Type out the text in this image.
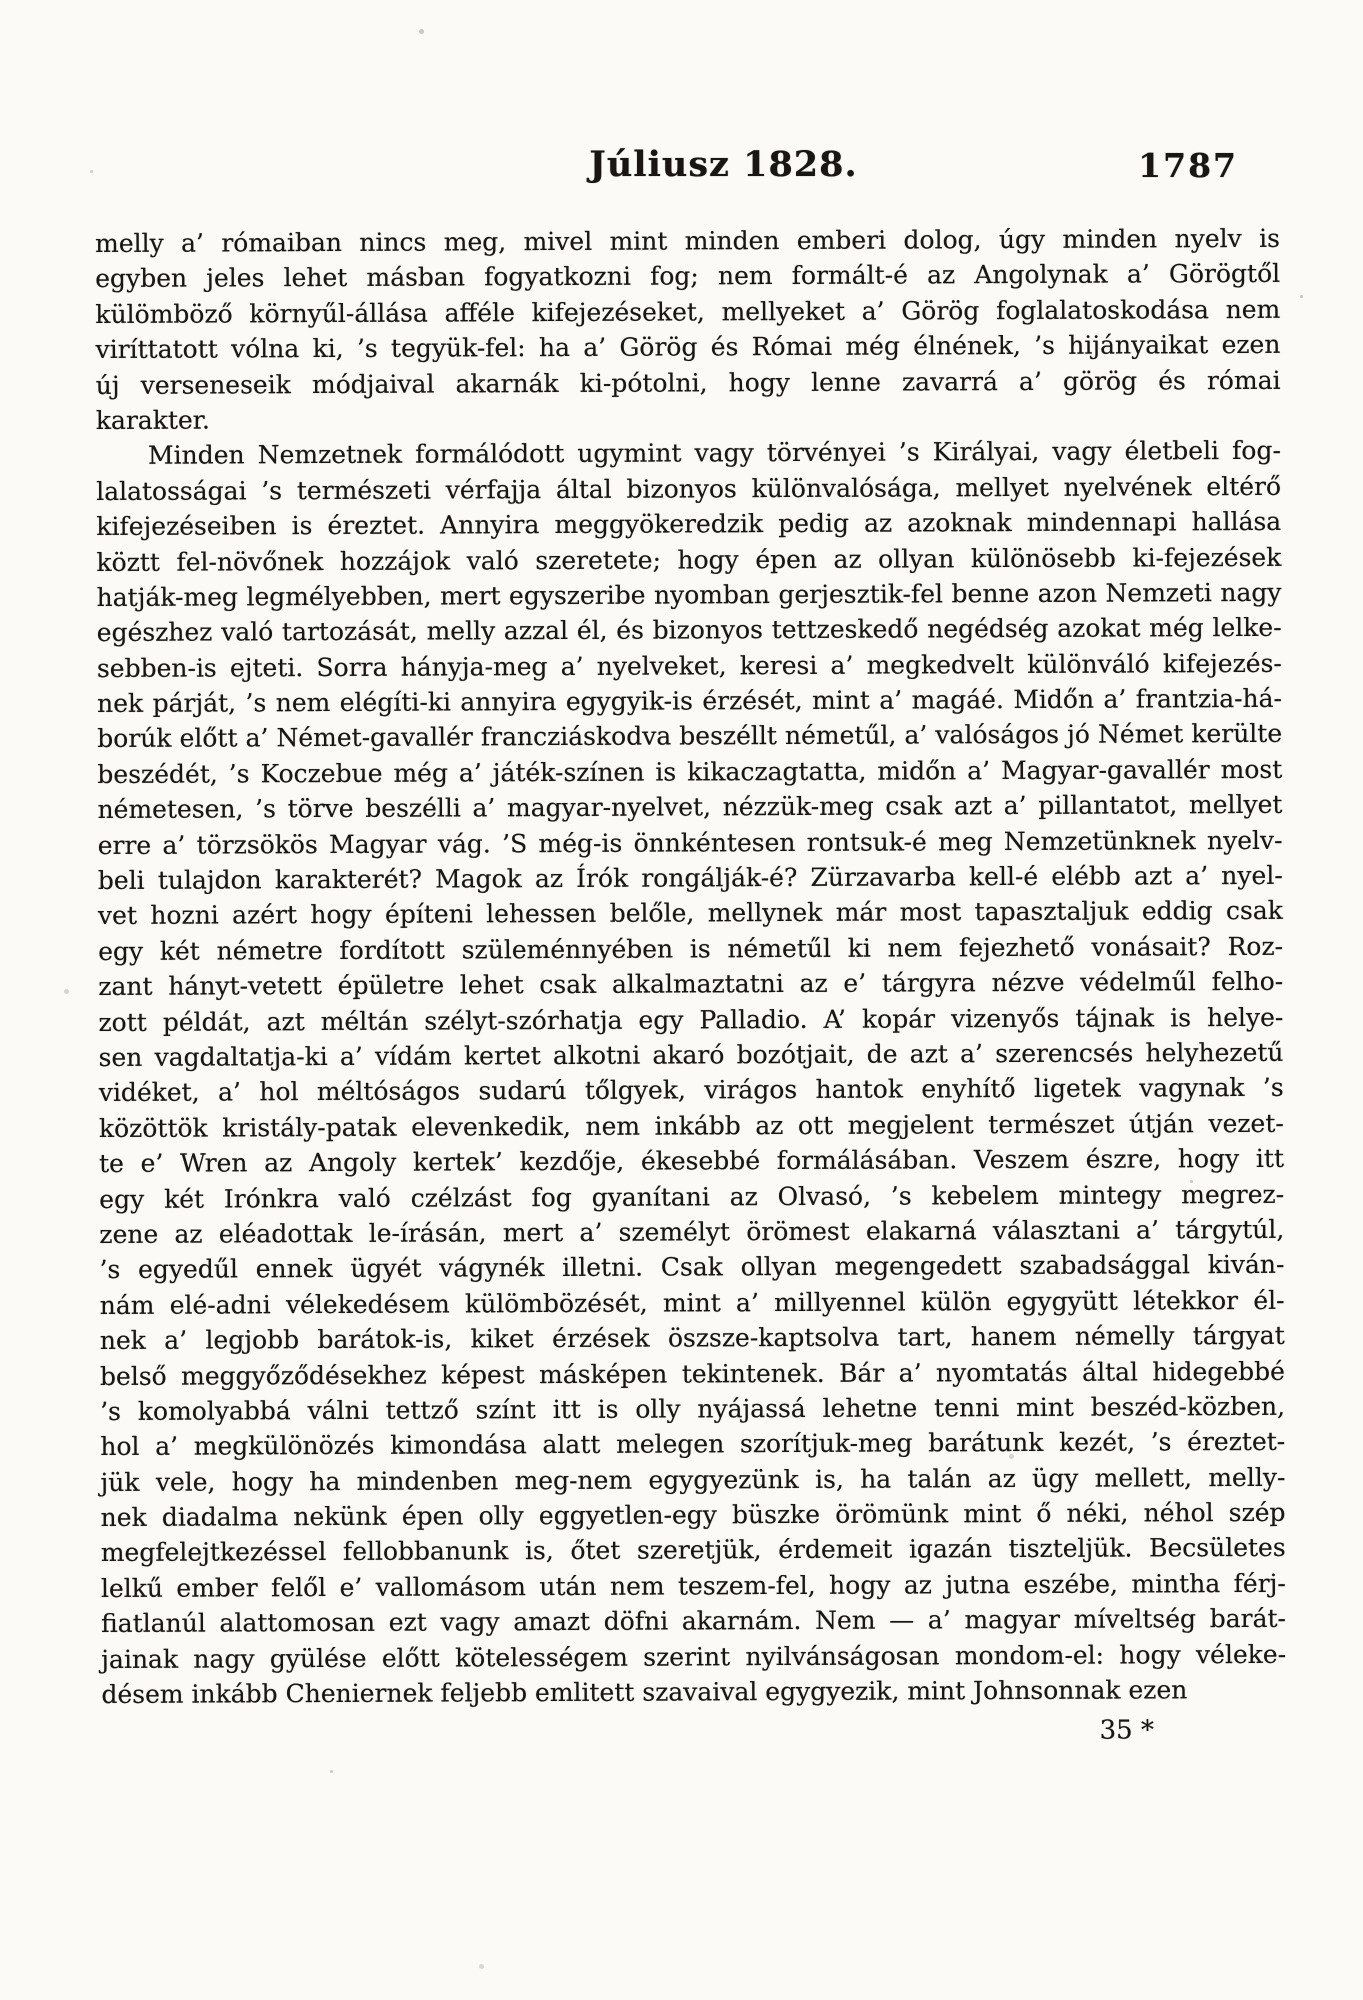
Júliusz 1828.	1787
melly a’ rómaiban nincs meg, mivel mint minden emberi dolog, úgy minden nyelv is
egyben jeles lehet másban fogyatkozni fog; nem formált-é az Angolynak a’ Görögtől
külömböző környűl-állása afféle kifejezéseket, mellyeket a’ Görög foglalatoskodása nem
viríttatott vólna ki, ’s tegyük-fel: ha a’ Görög és Római még élnének, ’s hijányaikat ezen
új verseneseik módjaival akarnák ki-pótolni, hogy lenne zavarrá a’ görög és római
karakter.
Minden Nemzetnek formálódott ugymint vagy törvényei ’s Királyai, vagy életbeli fog-
lalatosságai ’s természeti vérfajja által bizonyos különvalósága, mellyet nyelvének eltérő
kifejezéseiben is éreztet. Annyira meggyökeredzik pedig az azoknak mindennapi hallása
köztt fel-növőnek hozzájok való szeretete; hogy épen az ollyan különösebb ki-fejezések
hatják-meg legmélyebben, mert egyszeribe nyomban gerjesztik-fel benne azon Nemzeti nagy
egészhez való tartozását, melly azzal él, és bizonyos tettzeskedő negédség azokat még lelke-
sebben-is ejteti. Sorra hányja-meg a’ nyelveket, keresi a’ megkedvelt különváló kifejezés-
nek párját, ’s nem elégíti-ki annyira egygyik-is érzését, mint a’ magáé. Midőn a’ frantzia-há-
borúk előtt a’ Német-gavallér francziáskodva beszéllt németűl, a’ valóságos jó Német kerülte
beszédét, ’s Koczebue még a’ játék-színen is kikaczagtatta, midőn a’ Magyar-gavallér most
németesen, ’s törve beszélli a’ magyar-nyelvet, nézzük-meg csak azt a’ pillantatot, mellyet
erre a’ törzsökös Magyar vág. ’S még-is önnkéntesen rontsuk-é meg Nemzetünknek nyelv-
beli tulajdon karakterét? Magok az Írók rongálják-é? Zürzavarba kell-é elébb azt a’ nyel-
vet hozni azért hogy építeni lehessen belőle, mellynek már most tapasztaljuk eddig csak
egy két németre fordított szüleménnyében is németűl ki nem fejezhető vonásait? Roz-
zant hányt-vetett épületre lehet csak alkalmaztatni az e’ tárgyra nézve védelműl felho-
zott példát, azt méltán szélyt-szórhatja egy Palladio. A’ kopár vizenyős tájnak is helye-
sen vagdaltatja-ki a’ vídám kertet alkotni akaró bozótjait, de azt a’ szerencsés helyhezetű
vidéket, a’ hol méltóságos sudarú tőlgyek, virágos hantok enyhítő ligetek vagynak ’s
közöttök kristály-patak elevenkedik, nem inkább az ott megjelent természet útján vezet-
te e’ Wren az Angoly kertek’ kezdője, ékesebbé formálásában. Veszem észre, hogy itt
egy két Irónkra való czélzást fog gyanítani az Olvasó, ’s kebelem mintegy megrez-
zene az eléadottak le-írásán, mert a’ személyt örömest elakarná választani a’ tárgytúl,
’s egyedűl ennek ügyét vágynék illetni. Csak ollyan megengedett szabadsággal kiván-
nám elé-adni vélekedésem külömbözését, mint a’ millyennel külön egygyütt létekkor él-
nek a’ legjobb barátok-is, kiket érzések öszsze-kaptsolva tart, hanem némelly tárgyat
belső meggyőződésekhez képest másképen tekintenek. Bár a’ nyomtatás által hidegebbé
’s komolyabbá válni tettző színt itt is olly nyájassá lehetne tenni mint beszéd-közben,
hol a’ megkülönözés kimondása alatt melegen szorítjuk-meg barátunk kezét, ’s éreztet-
jük vele, hogy ha mindenben meg-nem egygyezünk is, ha talán az ügy mellett, melly-
nek diadalma nekünk épen olly eggyetlen-egy büszke örömünk mint ő néki, néhol szép
megfelejtkezéssel fellobbanunk is, őtet szeretjük, érdemeit igazán tiszteljük. Becsületes
lelkű ember felől e’ vallomásom után nem teszem-fel, hogy az jutna eszébe, mintha férj-
fiatlanúl alattomosan ezt vagy amazt döfni akarnám. Nem — a’ magyar míveltség barát-
jainak nagy gyülése előtt kötelességem szerint nyilvánságosan mondom-el: hogy véleke-
désem inkább Cheniernek feljebb emlitett szavaival egygyezik, mint Johnsonnak ezen
35 *
